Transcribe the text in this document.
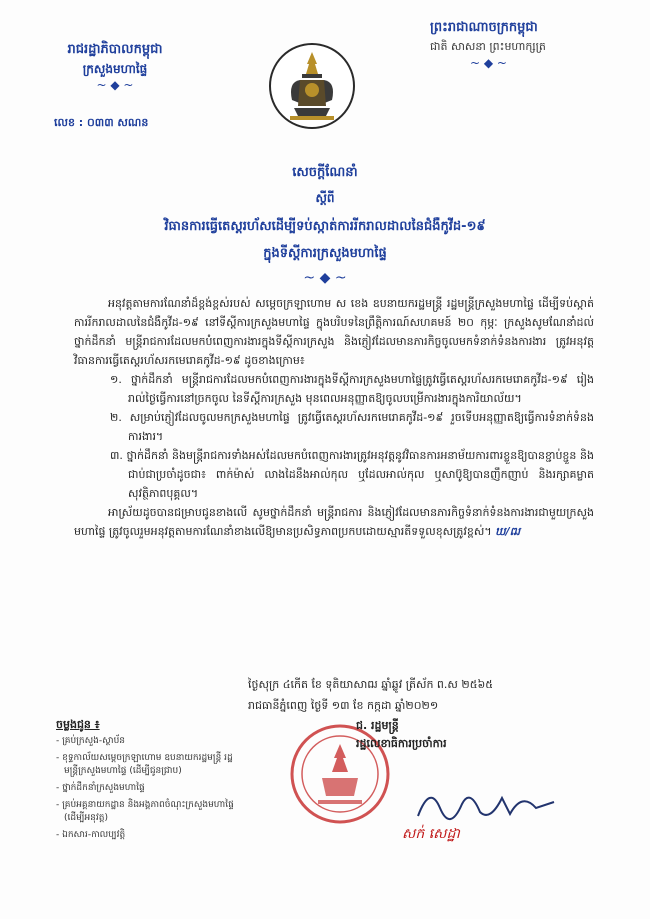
រាជរដ្ឋាភិបាលកម្ពុជា
ក្រសួងមហាផ្ទៃ
~ ◆ ~
លេខ : ០៣៣ សណន
ព្រះរាជាណាចក្រកម្ពុជា
ជាតិ សាសនា ព្រះមហាក្សត្រ
~ ◆ ~
សេចក្ដីណែនាំ
ស្ដីពី
វិធានការធ្វើតេស្ដរហ័សដើម្បីទប់ស្កាត់ការរីករាលដាលនៃជំងឺកូវីដ-១៩
ក្នុងទីស្ដីការក្រសួងមហាផ្ទៃ
~ ◆ ~

អនុវត្តតាមការណែនាំដ៏ខ្ពង់ខ្ពស់របស់ សម្ដេចក្រឡាហោម ស ខេង ឧបនាយករដ្ឋមន្ត្រី រដ្ឋមន្ត្រីក្រសួងមហាផ្ទៃ ដើម្បីទប់ស្កាត់ការរីករាលដាលនៃជំងឺកូវីដ-១៩ នៅទីស្ដីការក្រសួងមហាផ្ទៃ ក្នុងបរិបទនៃព្រឹត្តិការណ៍សហគមន៍ ២០ កុម្ភៈ ក្រសួងសូមណែនាំដល់ថ្នាក់ដឹកនាំ មន្ត្រីរាជការដែលមកបំពេញការងារក្នុងទីស្ដីការក្រសួង និងភ្ញៀវដែលមានភារកិច្ចចូលមកទំនាក់ទំនងការងារ ត្រូវអនុវត្តវិធានការធ្វើតេស្ដរហ័សរកមេរោគកូវីដ-១៩ ដូចខាងក្រោម៖

១. ថ្នាក់ដឹកនាំ មន្ត្រីរាជការដែលមកបំពេញការងារក្នុងទីស្ដីការក្រសួងមហាផ្ទៃត្រូវធ្វើតេស្ដរហ័សរកមេរោគកូវីដ-១៩ រៀងរាល់ថ្ងៃធ្វើការនៅច្រកចូល នៃទីស្ដីការក្រសួង មុនពេលអនុញ្ញាតឱ្យចូលបម្រើការងារក្នុងការិយាល័យ។

២. សម្រាប់ភ្ញៀវដែលចូលមកក្រសួងមហាផ្ទៃ ត្រូវធ្វើតេស្ដរហ័សរកមេរោគកូវីដ-១៩ រួចទើបអនុញ្ញាតឱ្យធ្វើការទំនាក់ទំនងការងារ។

៣. ថ្នាក់ដឹកនាំ និងមន្ត្រីរាជការទាំងអស់ដែលមកបំពេញការងារត្រូវអនុវត្តនូវវិធានការអនាម័យការពារខ្លួនឱ្យបានខ្ជាប់ខ្ជួន និងជាប់ជាប្រចាំដូចជា៖ ពាក់ម៉ាស់ លាងដៃនឹងអាល់កុល ឬដែលអាល់កុល ឬសាប៊ូឱ្យបានញឹកញាប់ និងរក្សាគម្លាតសុវត្ថិភាពបុគ្គល។

អាស្រ័យដូចបានជម្រាបជូនខាងលើ សូមថ្នាក់ដឹកនាំ មន្ត្រីរាជការ និងភ្ញៀវដែលមានភារកិច្ចទំនាក់ទំនងការងារជាមួយក្រសួងមហាផ្ទៃ ត្រូវចូលរួមអនុវត្តតាមការណែនាំខាងលើឱ្យមានប្រសិទ្ធភាពប្រកបដោយស្មារតីទទួលខុសត្រូវខ្ពស់។ ឃ/ឍ

ថ្ងៃសុក្រ ៤កើត ខែ ទុតិយាសាឍ ឆ្នាំឆ្លូវ ត្រីស័ក ព.ស ២៥៦៥
រាជធានីភ្នំពេញ ថ្ងៃទី ១៣ ខែ កក្កដា ឆ្នាំ២០២១
ជ. រដ្ឋមន្ត្រី
រដ្ឋលេខាធិការប្រចាំការ
សក់ សេដ្ឋា
ចម្លងជូន ៖
- គ្រប់ក្រសួង-ស្ថាប័ន
- ខុទ្ទកាល័យសម្ដេចក្រឡាហោម ឧបនាយករដ្ឋមន្ត្រី រដ្ឋមន្ត្រីក្រសួងមហាផ្ទៃ (ដើម្បីជូនជ្រាប)
- ថ្នាក់ដឹកនាំក្រសួងមហាផ្ទៃ
- គ្រប់អគ្គនាយកដ្ឋាន និងអង្គភាពចំណុះក្រសួងមហាផ្ទៃ (ដើម្បីអនុវត្ត)
- ឯកសារ-កាលប្បវត្តិ
